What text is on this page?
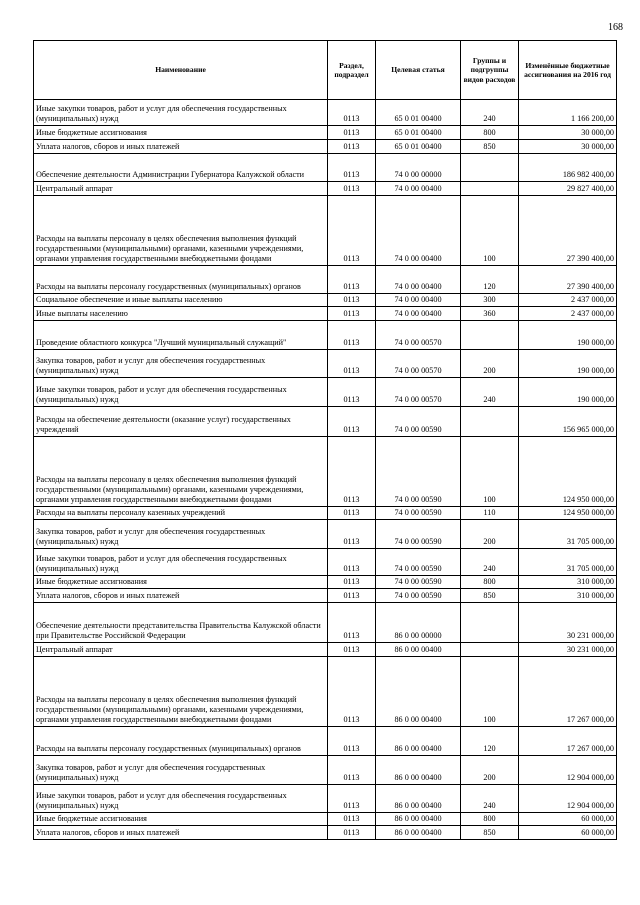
168
Наименование	Раздел, подраздел	Целевая статья	Группы и подгруппы видов расходов	Изменённые бюджетные ассигнования на 2016 год
Иные закупки товаров, работ и услуг для обеспечения государственных (муниципальных) нужд	0113	65 0 01 00400	240	1 166 200,00
Иные бюджетные ассигнования	0113	65 0 01 00400	800	30 000,00
Уплата налогов, сборов и иных платежей	0113	65 0 01 00400	850	30 000,00
Обеспечение деятельности Администрации Губернатора Калужской области	0113	74 0 00 00000		186 982 400,00
Центральный аппарат	0113	74 0 00 00400		29 827 400,00
Расходы на выплаты персоналу в целях обеспечения выполнения функций государственными (муниципальными) органами, казенными учреждениями, органами управления государственными внебюджетными фондами	0113	74 0 00 00400	100	27 390 400,00
Расходы на выплаты персоналу государственных (муниципальных) органов	0113	74 0 00 00400	120	27 390 400,00
Социальное обеспечение и иные выплаты населению	0113	74 0 00 00400	300	2 437 000,00
Иные выплаты населению	0113	74 0 00 00400	360	2 437 000,00
Проведение областного конкурса "Лучший муниципальный служащий"	0113	74 0 00 00570		190 000,00
Закупка товаров, работ и услуг для обеспечения государственных (муниципальных) нужд	0113	74 0 00 00570	200	190 000,00
Иные закупки товаров, работ и услуг для обеспечения государственных (муниципальных) нужд	0113	74 0 00 00570	240	190 000,00
Расходы на обеспечение деятельности (оказание услуг) государственных учреждений	0113	74 0 00 00590		156 965 000,00
Расходы на выплаты персоналу в целях обеспечения выполнения функций государственными (муниципальными) органами, казенными учреждениями, органами управления государственными внебюджетными фондами	0113	74 0 00 00590	100	124 950 000,00
Расходы на выплаты персоналу казенных учреждений	0113	74 0 00 00590	110	124 950 000,00
Закупка товаров, работ и услуг для обеспечения государственных (муниципальных) нужд	0113	74 0 00 00590	200	31 705 000,00
Иные закупки товаров, работ и услуг для обеспечения государственных (муниципальных) нужд	0113	74 0 00 00590	240	31 705 000,00
Иные бюджетные ассигнования	0113	74 0 00 00590	800	310 000,00
Уплата налогов, сборов и иных платежей	0113	74 0 00 00590	850	310 000,00
Обеспечение деятельности представительства Правительства Калужской области при Правительстве Российской Федерации	0113	86 0 00 00000		30 231 000,00
Центральный аппарат	0113	86 0 00 00400		30 231 000,00
Расходы на выплаты персоналу в целях обеспечения выполнения функций государственными (муниципальными) органами, казенными учреждениями, органами управления государственными внебюджетными фондами	0113	86 0 00 00400	100	17 267 000,00
Расходы на выплаты персоналу государственных (муниципальных) органов	0113	86 0 00 00400	120	17 267 000,00
Закупка товаров, работ и услуг для обеспечения государственных (муниципальных) нужд	0113	86 0 00 00400	200	12 904 000,00
Иные закупки товаров, работ и услуг для обеспечения государственных (муниципальных) нужд	0113	86 0 00 00400	240	12 904 000,00
Иные бюджетные ассигнования	0113	86 0 00 00400	800	60 000,00
Уплата налогов, сборов и иных платежей	0113	86 0 00 00400	850	60 000,00
